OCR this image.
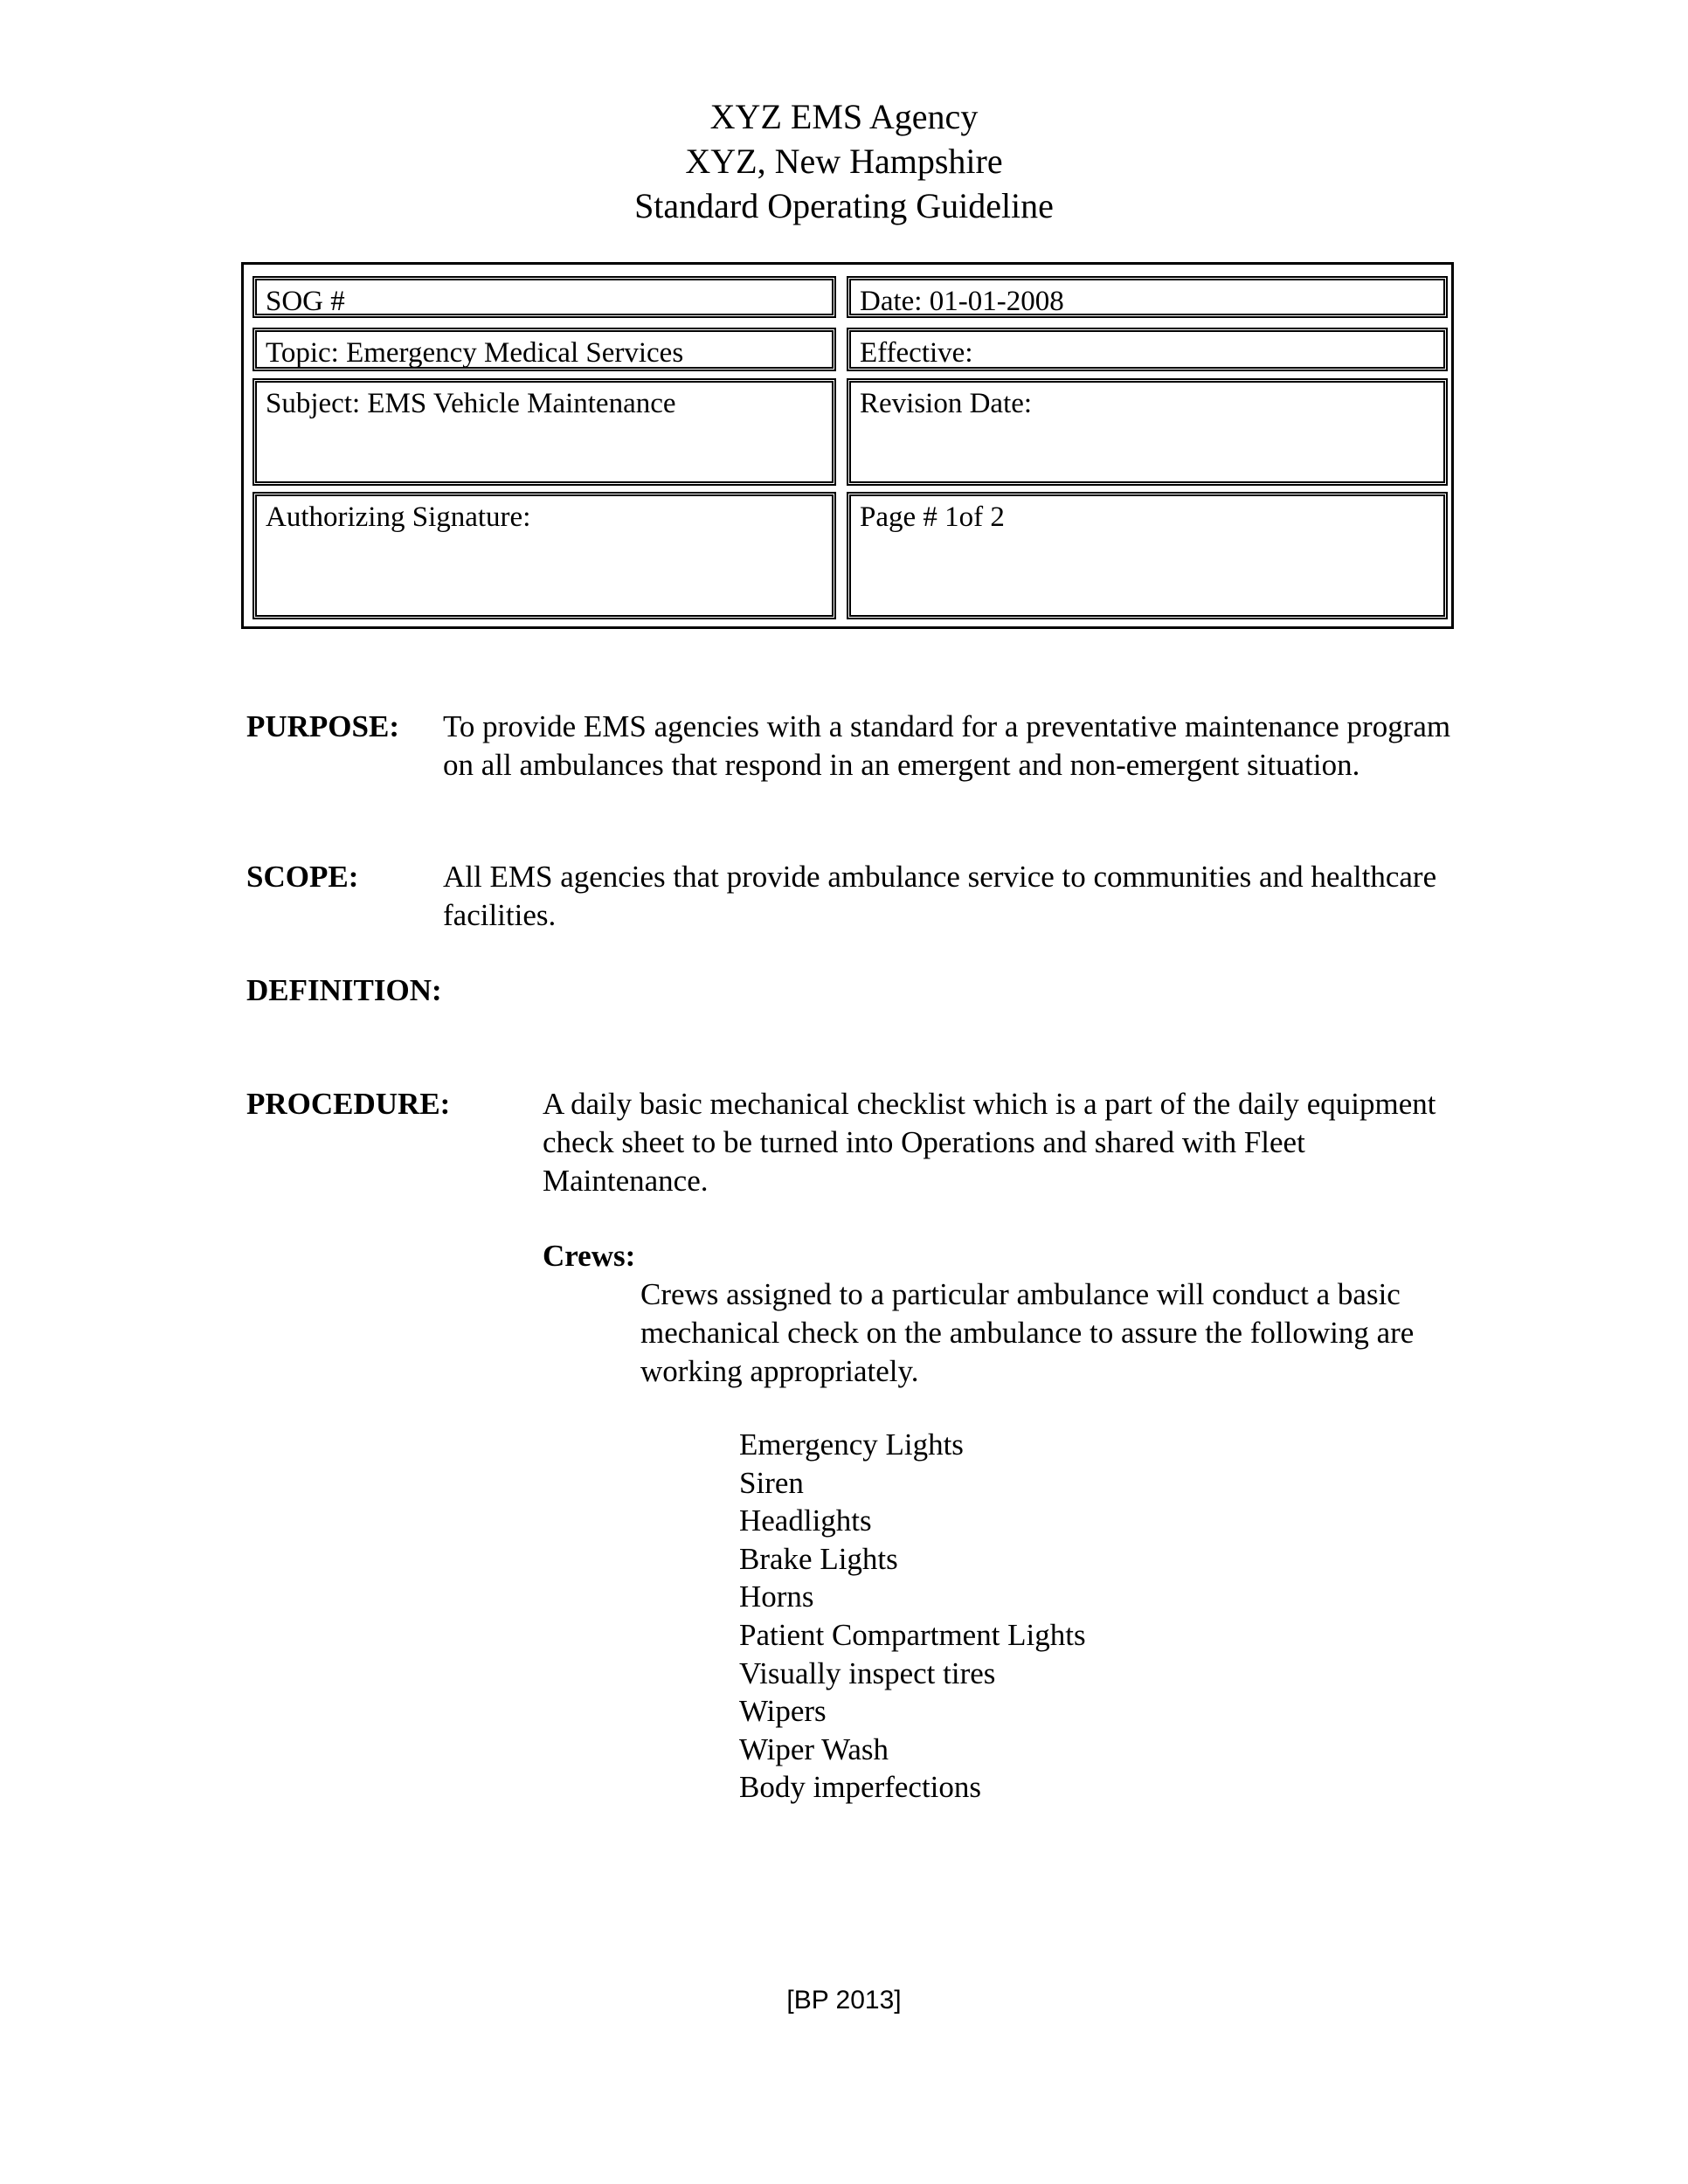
XYZ EMS Agency
XYZ, New Hampshire
Standard Operating Guideline
SOG #	Date: 01-01-2008
Topic: Emergency Medical Services	Effective:
Subject: EMS Vehicle Maintenance	Revision Date:
Authorizing Signature:	Page # 1of 2
PURPOSE: To provide EMS agencies with a standard for a preventative maintenance program on all ambulances that respond in an emergent and non-emergent situation.
SCOPE:	All EMS agencies that provide ambulance service to communities and healthcare facilities.
DEFINITION:
PROCEDURE:	A daily basic mechanical checklist which is a part of the daily equipment check sheet to be turned into Operations and shared with Fleet Maintenance.
Crews:
Crews assigned to a particular ambulance will conduct a basic mechanical check on the ambulance to assure the following are working appropriately.
Emergency Lights
Siren
Headlights
Brake Lights
Horns
Patient Compartment Lights
Visually inspect tires
Wipers
Wiper Wash
Body imperfections
[BP 2013]
